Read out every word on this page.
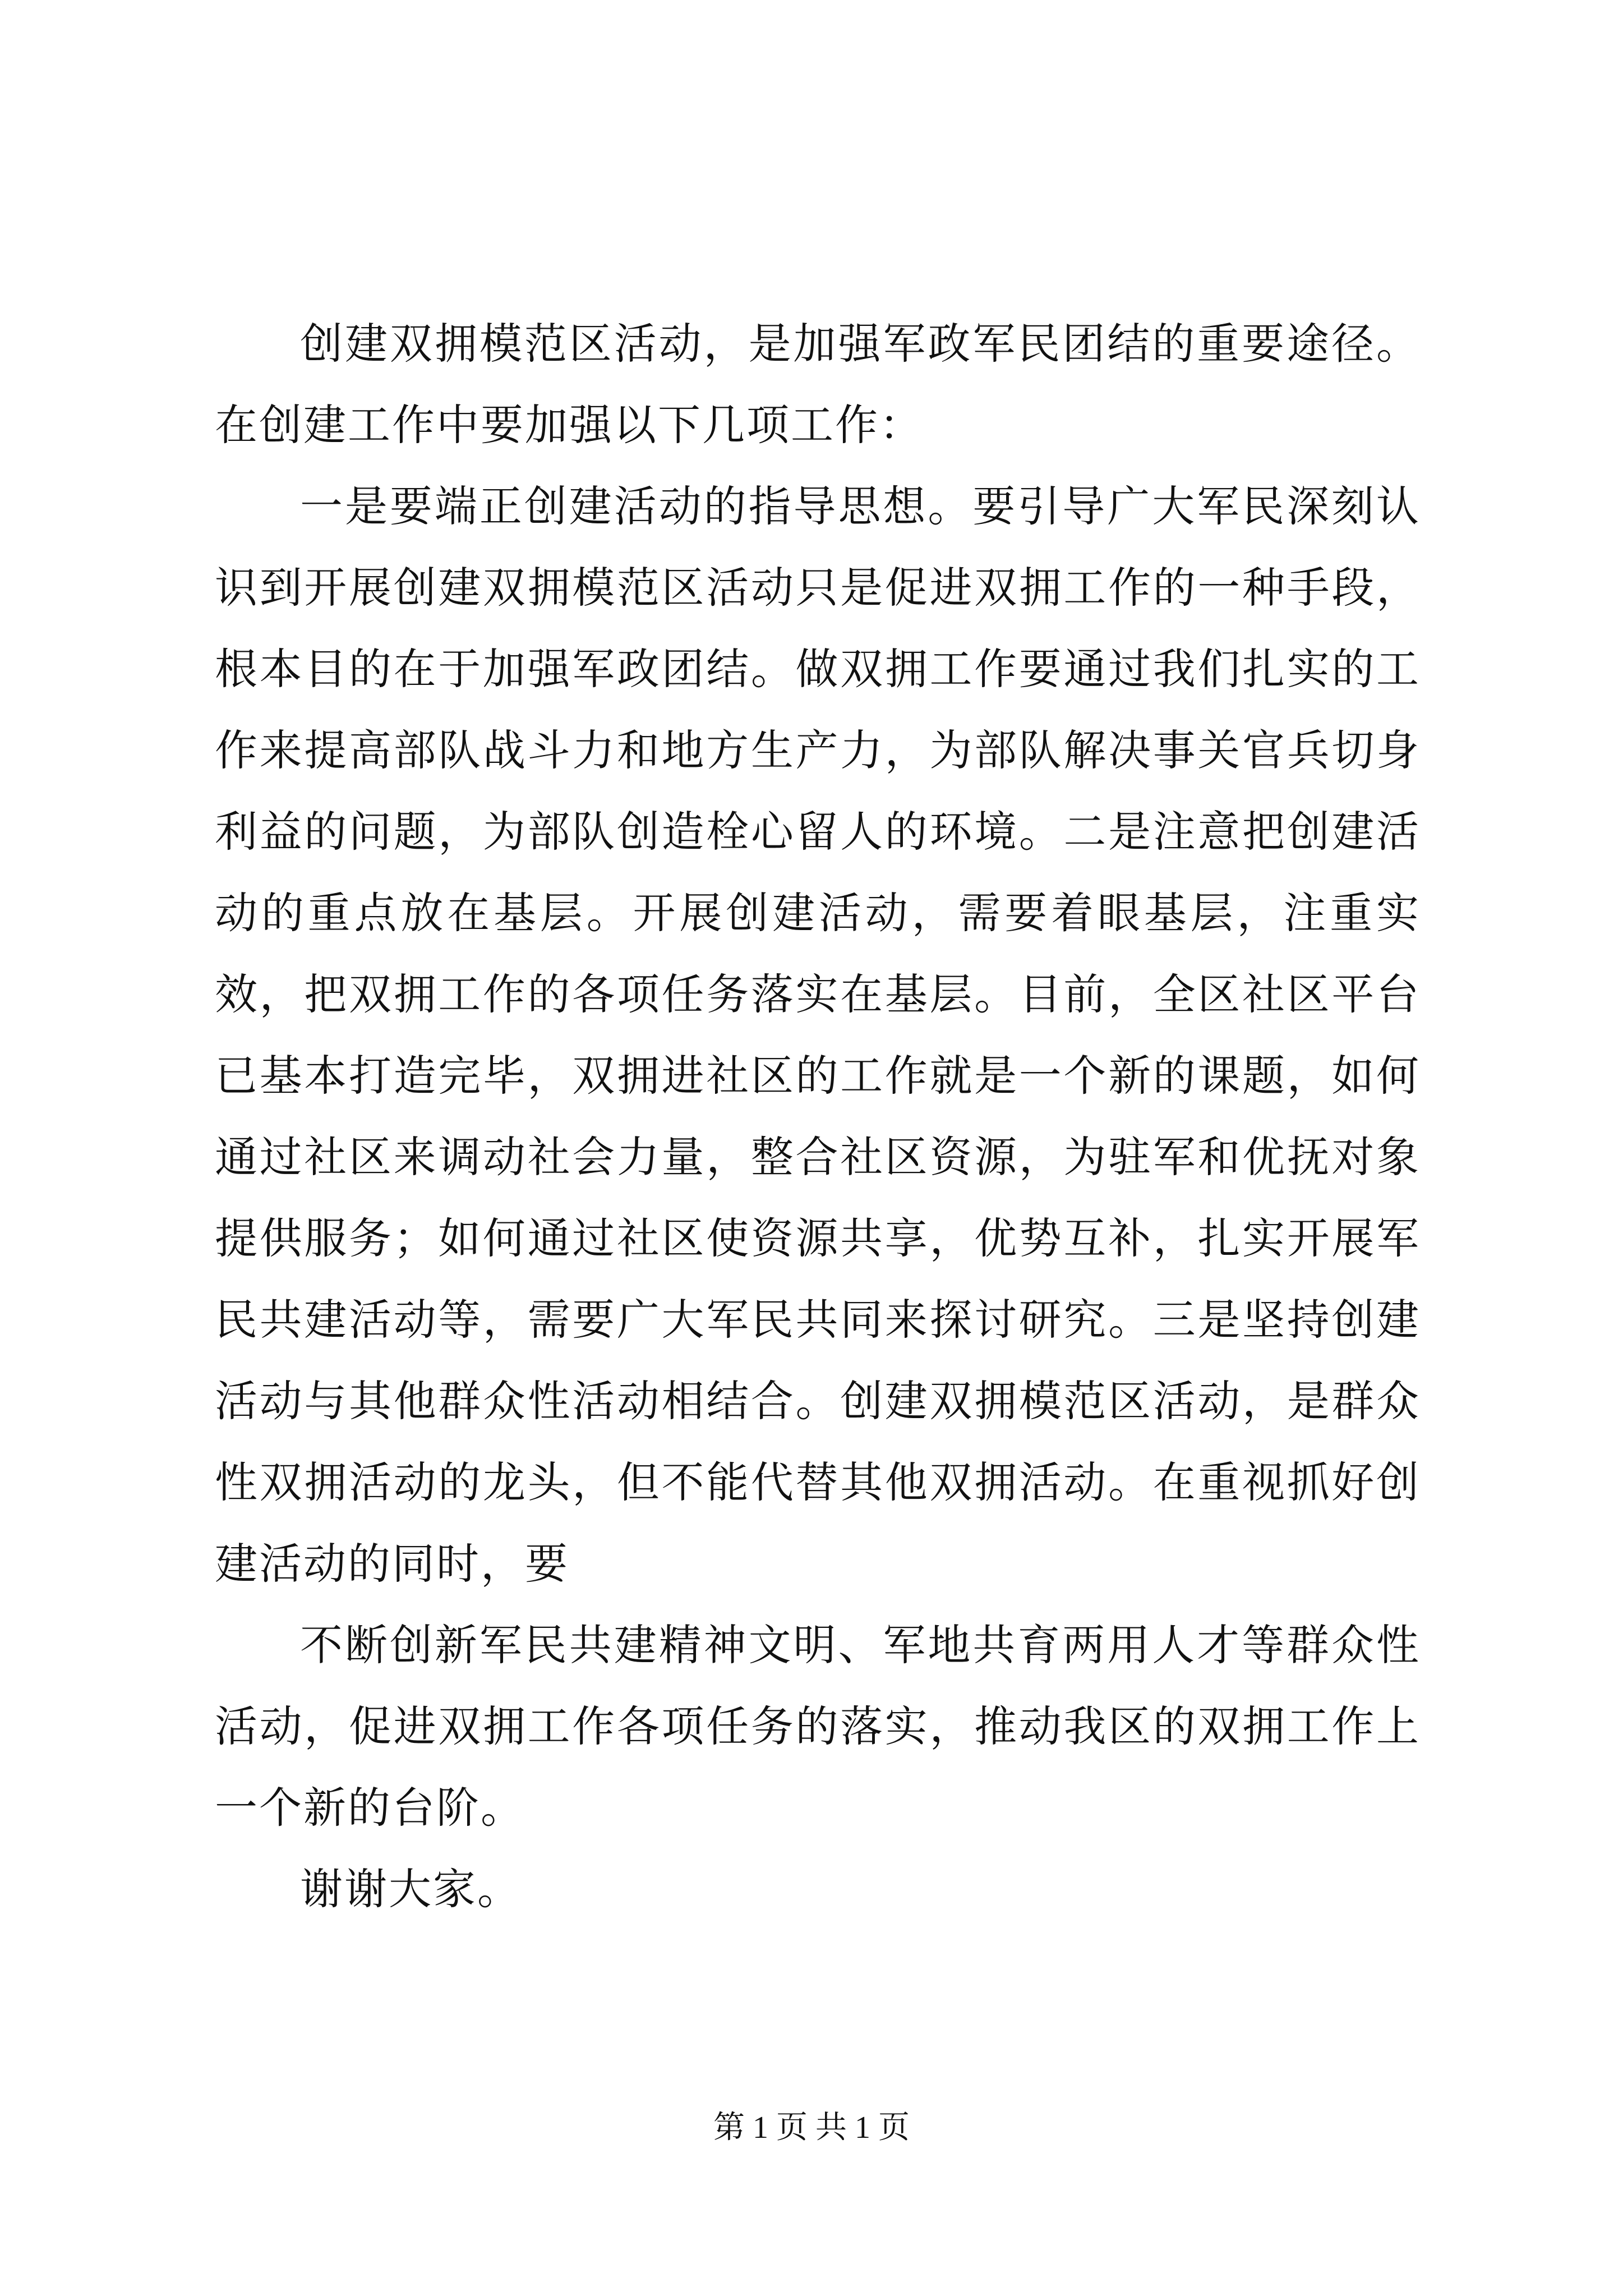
创建双拥模范区活动，是加强军政军民团结的重要途径。在创建工作中要加强以下几项工作：

一是要端正创建活动的指导思想。要引导广大军民深刻认识到开展创建双拥模范区活动只是促进双拥工作的一种手段，根本目的在于加强军政团结。做双拥工作要通过我们扎实的工作来提高部队战斗力和地方生产力，为部队解决事关官兵切身利益的问题，为部队创造栓心留人的环境。二是注意把创建活动的重点放在基层。开展创建活动，需要着眼基层，注重实效，把双拥工作的各项任务落实在基层。目前，全区社区平台已基本打造完毕，双拥进社区的工作就是一个新的课题，如何通过社区来调动社会力量，整合社区资源，为驻军和优抚对象提供服务；如何通过社区使资源共享，优势互补，扎实开展军民共建活动等，需要广大军民共同来探讨研究。三是坚持创建活动与其他群众性活动相结合。创建双拥模范区活动，是群众性双拥活动的龙头，但不能代替其他双拥活动。在重视抓好创建活动的同时，要

不断创新军民共建精神文明、军地共育两用人才等群众性活动，促进双拥工作各项任务的落实，推动我区的双拥工作上一个新的台阶。

谢谢大家。

第 1 页 共 1 页
